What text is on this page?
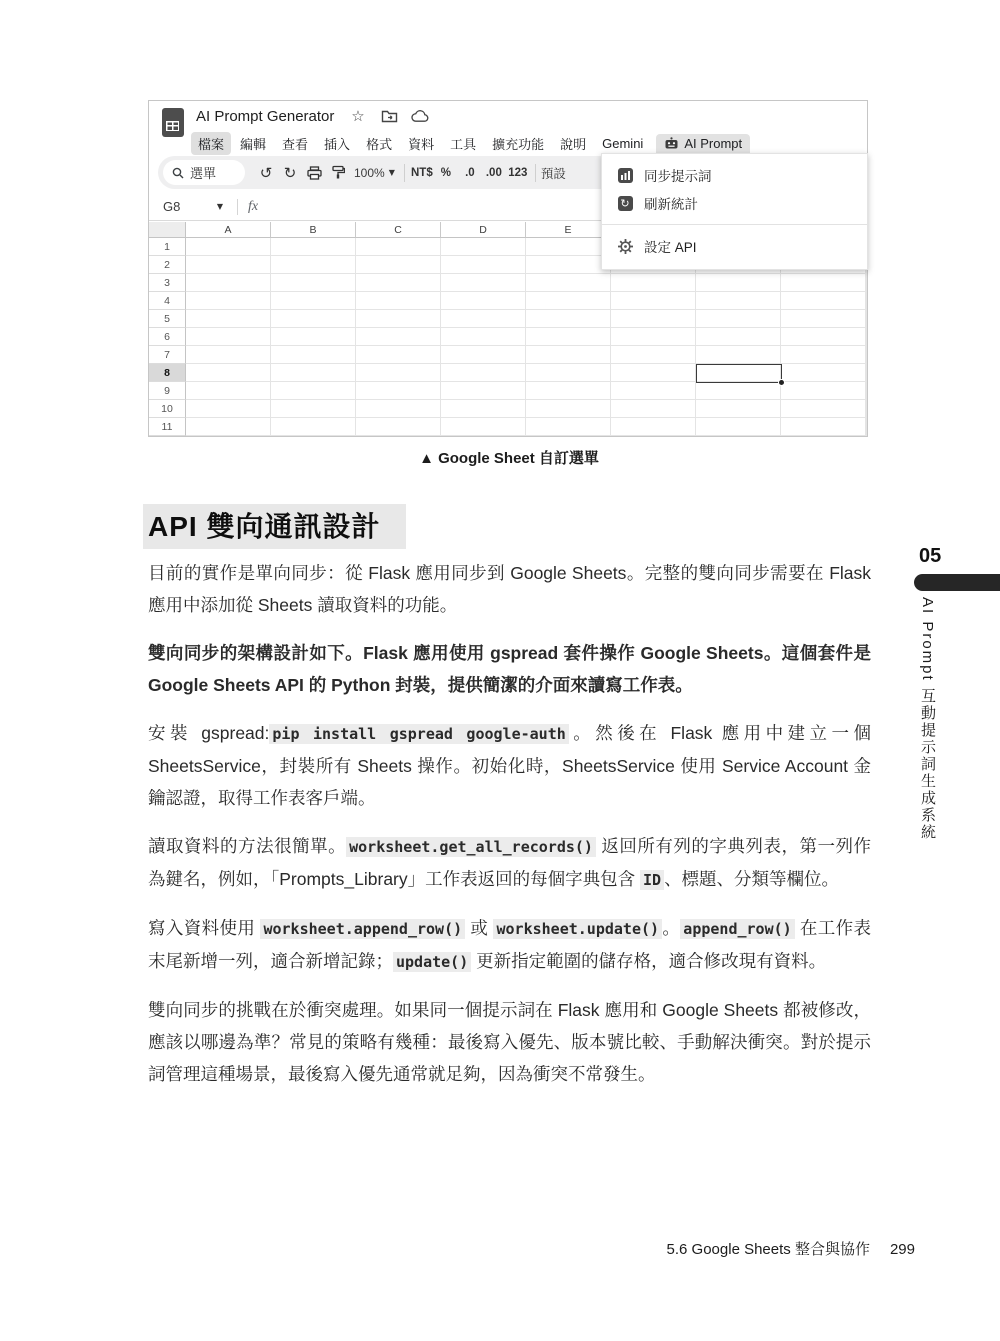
AI Prompt Generator ☆
檔案	編輯	查看	插入	格式	資料	工具	擴充功能	說明	Gemini	AI Prompt
選單	↺ ↻	100% ▼ NT$ %	.0 .00 123 預設
G8	▼ fx
A	B	C	D	E
1
2
3
4
5
6
7
8
9
10
11
同步提示詞
↻ 刷新統計
設定 API
▲ Google Sheet 自訂選單
API 雙向通訊設計

目前的實作是單向同步：從 Flask 應用同步到 Google Sheets。完整的雙向同步需要在 Flask 應用中添加從 Sheets 讀取資料的功能。

雙向同步的架構設計如下。Flask 應用使用 gspread 套件操作 Google Sheets。這個套件是 Google Sheets API 的 Python 封裝，提供簡潔的介面來讀寫工作表。

安裝 gspread: pip install gspread google-auth 。然後在 Flask 應用中建立一個 SheetsService，封裝所有 Sheets 操作。初始化時，SheetsService 使用 Service Account 金鑰認證，取得工作表客戶端。

讀取資料的方法很簡單。 worksheet.get_all_records() 返回所有列的字典列表，第一列作為鍵名，例如，「Prompts_Library」工作表返回的每個字典包含 ID 、標題、分類等欄位。

寫入資料使用 worksheet.append_row() 或 worksheet.update() 。 append_row() 在工作表末尾新增一列，適合新增記錄； update() 更新指定範圍的儲存格，適合修改現有資料。

雙向同步的挑戰在於衝突處理。如果同一個提示詞在 Flask 應用和 Google Sheets 都被修改，應該以哪邊為準？常見的策略有幾種：最後寫入優先、版本號比較、手動解決衝突。對於提示詞管理這種場景，最後寫入優先通常就足夠，因為衝突不常發生。

05
AI Prompt 互動提示詞生成系統
5.6 Google Sheets 整合與協作 299
